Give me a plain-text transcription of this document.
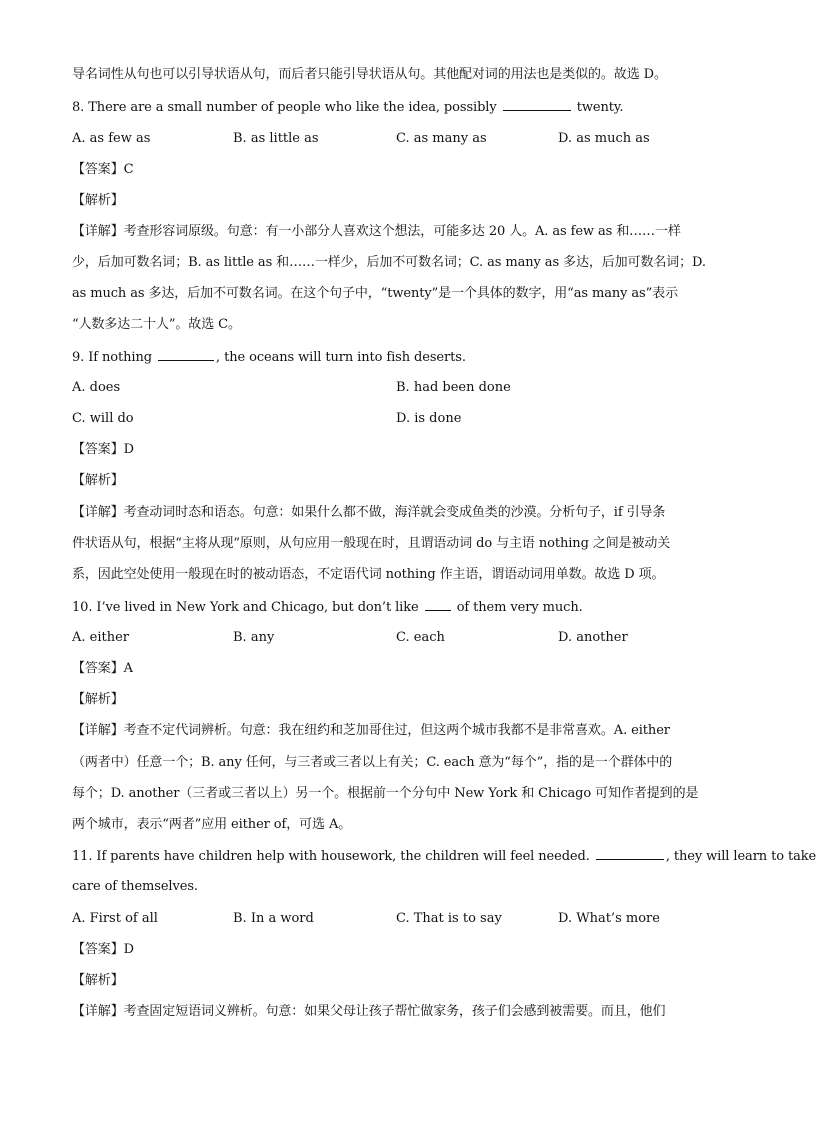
导名词性从句也可以引导状语从句，而后者只能引导状语从句。其他配对词的用法也是类似的。故选 D。
8. There are a small number of people who like the idea, possibly	twenty.
A. as few as	B. as little as	C. as many as	D. as much as
【答案】C
【解析】
【详解】考查形容词原级。句意：有一小部分人喜欢这个想法，可能多达 20 人。A. as few as 和……一样
少，后加可数名词；B. as little as 和……一样少，后加不可数名词；C. as many as 多达，后加可数名词；D.
as much as 多达，后加不可数名词。在这个句子中，“twenty”是一个具体的数字，用“as many as”表示
“人数多达二十人”。故选 C。
9. If nothing	, the oceans will turn into fish deserts.
A. does	B. had been done
C. will do	D. is done
【答案】D
【解析】
【详解】考查动词时态和语态。句意：如果什么都不做，海洋就会变成鱼类的沙漠。分析句子，if 引导条
件状语从句，根据“主将从现”原则，从句应用一般现在时，且谓语动词 do 与主语 nothing 之间是被动关
系，因此空处使用一般现在时的被动语态，不定语代词 nothing 作主语，谓语动词用单数。故选 D 项。
10. I’ve lived in New York and Chicago, but don’t like	of them very much.
A. either	B. any	C. each	D. another
【答案】A
【解析】
【详解】考查不定代词辨析。句意：我在纽约和芝加哥住过，但这两个城市我都不是非常喜欢。A. either
（两者中）任意一个；B. any 任何，与三者或三者以上有关；C. each 意为“每个”，指的是一个群体中的
每个；D. another（三者或三者以上）另一个。根据前一个分句中 New York 和 Chicago 可知作者提到的是
两个城市，表示“两者”应用 either of，可选 A。
11. If parents have children help with housework, the children will feel needed.	, they will learn to take
care of themselves.
A. First of all	B. In a word	C. That is to say	D. What’s more
【答案】D
【解析】
【详解】考查固定短语词义辨析。句意：如果父母让孩子帮忙做家务，孩子们会感到被需要。而且，他们
